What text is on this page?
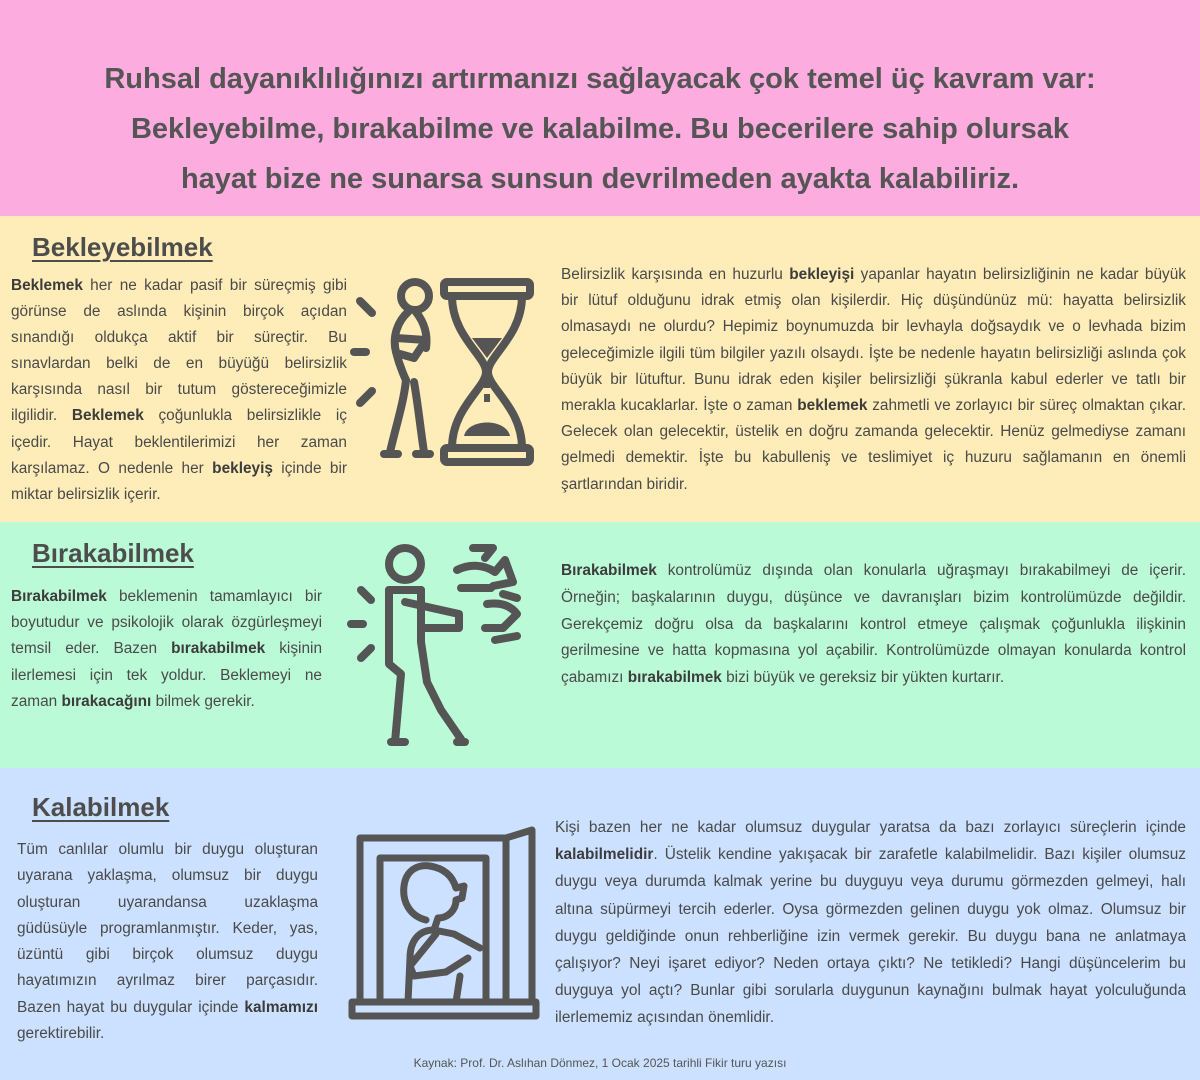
Ruhsal dayanıklılığınızı artırmanızı sağlayacak çok temel üç kavram var:
Bekleyebilme, bırakabilme ve kalabilme. Bu becerilere sahip olursak
hayat bize ne sunarsa sunsun devrilmeden ayakta kalabiliriz.
Bekleyebilmek
Beklemek her ne kadar pasif bir süreçmiş gibi görünse de aslında kişinin birçok açıdan sınandığı oldukça aktif bir süreçtir. Bu sınavlardan belki de en büyüğü belirsizlik karşısında nasıl bir tutum göstereceğimizle ilgilidir. Beklemek çoğunlukla belirsizlikle iç içedir. Hayat beklentilerimizi her zaman karşılamaz. O nedenle her bekleyiş içinde bir miktar belirsizlik içerir.
Belirsizlik karşısında en huzurlu bekleyişi yapanlar hayatın belirsizliğinin ne kadar büyük bir lütuf olduğunu idrak etmiş olan kişilerdir. Hiç düşündünüz mü: hayatta belirsizlik olmasaydı ne olurdu? Hepimiz boynumuzda bir levhayla doğsaydık ve o levhada bizim geleceğimizle ilgili tüm bilgiler yazılı olsaydı. İşte be nedenle hayatın belirsizliği aslında çok büyük bir lütuftur. Bunu idrak eden kişiler belirsizliği şükranla kabul ederler ve tatlı bir merakla kucaklarlar. İşte o zaman beklemek zahmetli ve zorlayıcı bir süreç olmaktan çıkar. Gelecek olan gelecektir, üstelik en doğru zamanda gelecektir. Henüz gelmediyse zamanı gelmedi demektir. İşte bu kabulleniş ve teslimiyet iç huzuru sağlamanın en önemli şartlarından biridir.
Bırakabilmek
Bırakabilmek beklemenin tamamlayıcı bir boyutudur ve psikolojik olarak özgürleşmeyi temsil eder. Bazen bırakabilmek kişinin ilerlemesi için tek yoldur. Beklemeyi ne zaman bırakacağını bilmek gerekir.
Bırakabilmek kontrolümüz dışında olan konularla uğraşmayı bırakabilmeyi de içerir. Örneğin; başkalarının duygu, düşünce ve davranışları bizim kontrolümüzde değildir. Gerekçemiz doğru olsa da başkalarını kontrol etmeye çalışmak çoğunlukla ilişkinin gerilmesine ve hatta kopmasına yol açabilir. Kontrolümüzde olmayan konularda kontrol çabamızı bırakabilmek bizi büyük ve gereksiz bir yükten kurtarır.
Kalabilmek
Tüm canlılar olumlu bir duygu oluşturan uyarana yaklaşma, olumsuz bir duygu oluşturan uyarandansa uzaklaşma güdüsüyle programlanmıştır. Keder, yas, üzüntü gibi birçok olumsuz duygu hayatımızın ayrılmaz birer parçasıdır. Bazen hayat bu duygular içinde kalmamızı gerektirebilir.
Kişi bazen her ne kadar olumsuz duygular yaratsa da bazı zorlayıcı süreçlerin içinde kalabilmelidir. Üstelik kendine yakışacak bir zarafetle kalabilmelidir. Bazı kişiler olumsuz duygu veya durumda kalmak yerine bu duyguyu veya durumu görmezden gelmeyi, halı altına süpürmeyi tercih ederler. Oysa görmezden gelinen duygu yok olmaz. Olumsuz bir duygu geldiğinde onun rehberliğine izin vermek gerekir. Bu duygu bana ne anlatmaya çalışıyor? Neyi işaret ediyor? Neden ortaya çıktı? Ne tetikledi? Hangi düşüncelerim bu duyguya yol açtı? Bunlar gibi sorularla duygunun kaynağını bulmak hayat yolculuğunda ilerlememiz açısından önemlidir.
Kaynak: Prof. Dr. Aslıhan Dönmez, 1 Ocak 2025 tarihli Fikir turu yazısı
